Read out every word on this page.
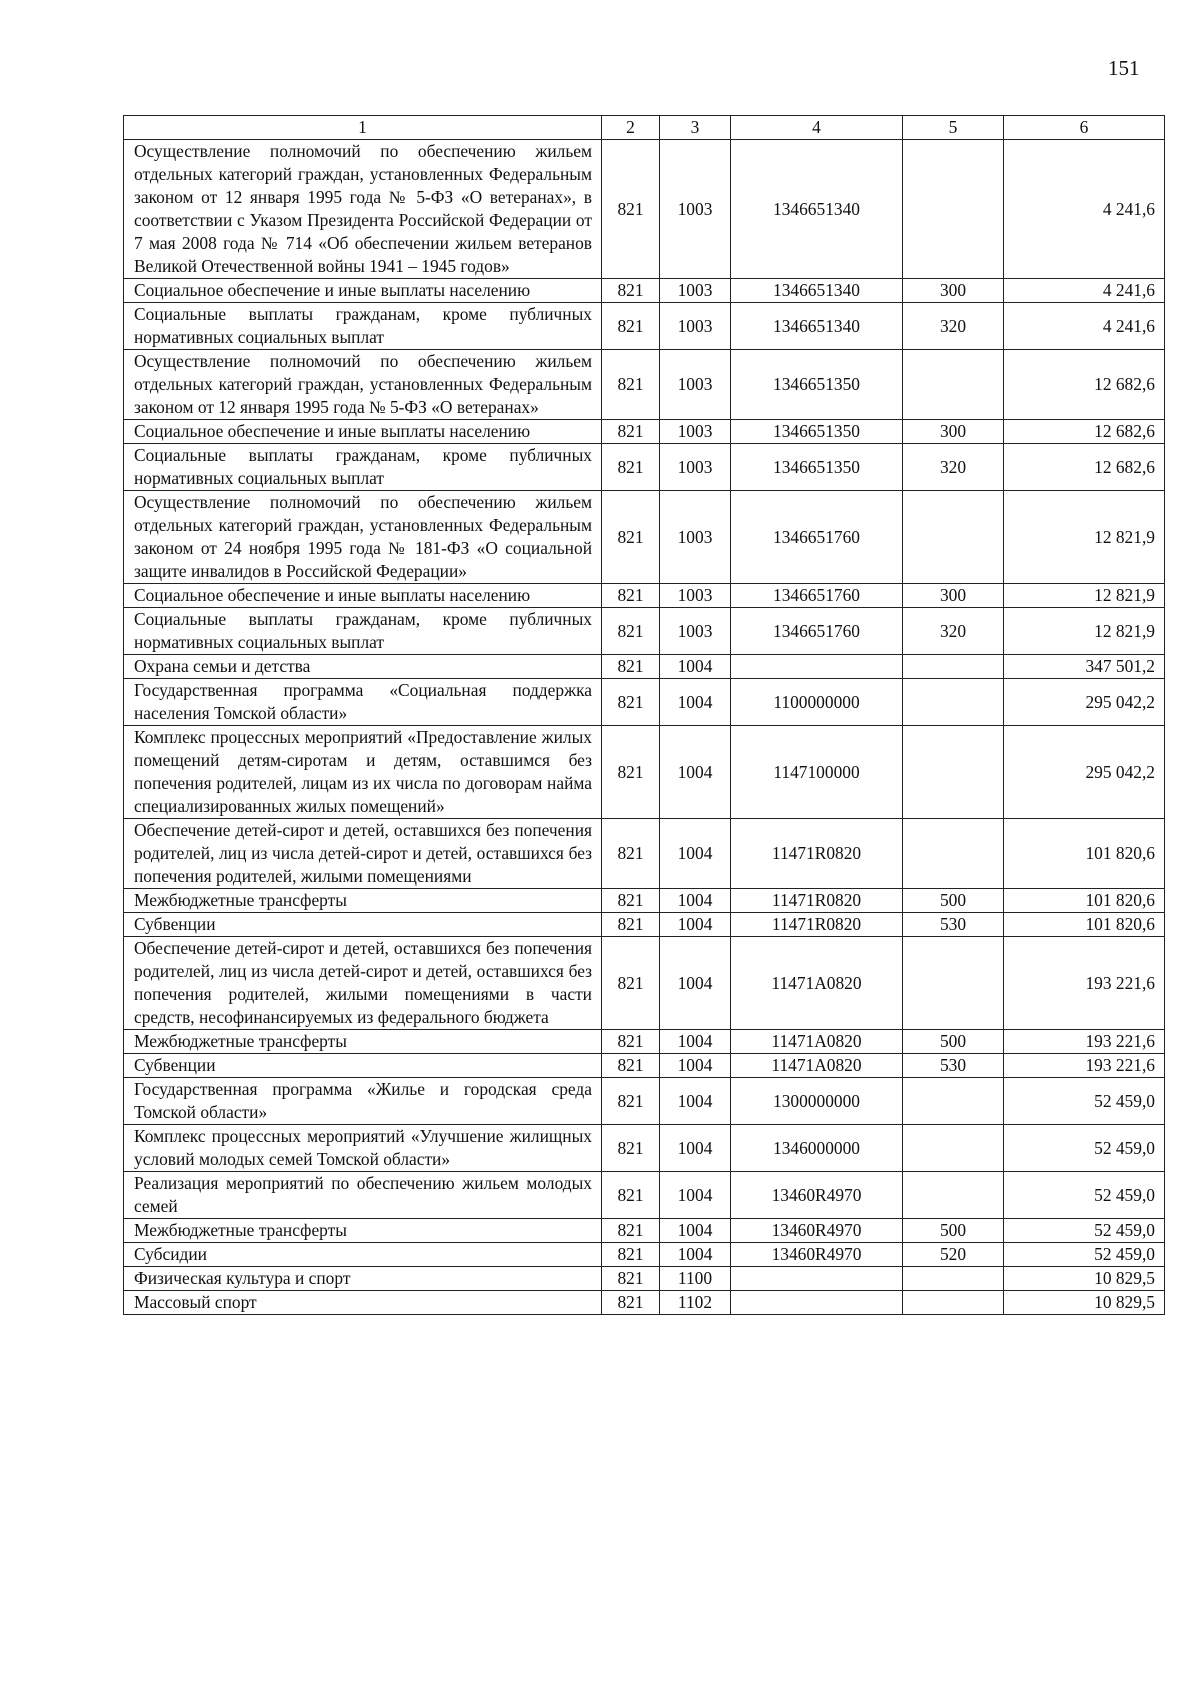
151
1	2	3	4	5	6
Осуществление полномочий по обеспечению жильем отдельных категорий граждан, установленных Федеральным законом от 12 января 1995 года № 5-ФЗ «О ветеранах», в соответствии с Указом Президента Российской Федерации от 7 мая 2008 года № 714 «Об обеспечении жильем ветеранов Великой Отечественной войны 1941 – 1945 годов»	821	1003	1346651340		4 241,6
Социальное обеспечение и иные выплаты населению	821	1003	1346651340	300	4 241,6
Социальные выплаты гражданам, кроме публичных нормативных социальных выплат	821	1003	1346651340	320	4 241,6
Осуществление полномочий по обеспечению жильем отдельных категорий граждан, установленных Федеральным законом от 12 января 1995 года № 5-ФЗ «О ветеранах»	821	1003	1346651350		12 682,6
Социальное обеспечение и иные выплаты населению	821	1003	1346651350	300	12 682,6
Социальные выплаты гражданам, кроме публичных нормативных социальных выплат	821	1003	1346651350	320	12 682,6
Осуществление полномочий по обеспечению жильем отдельных категорий граждан, установленных Федеральным законом от 24 ноября 1995 года № 181-ФЗ «О социальной защите инвалидов в Российской Федерации»	821	1003	1346651760		12 821,9
Социальное обеспечение и иные выплаты населению	821	1003	1346651760	300	12 821,9
Социальные выплаты гражданам, кроме публичных нормативных социальных выплат	821	1003	1346651760	320	12 821,9
Охрана семьи и детства	821	1004			347 501,2
Государственная программа «Социальная поддержка населения Томской области»	821	1004	1100000000		295 042,2
Комплекс процессных мероприятий «Предоставление жилых помещений детям-сиротам и детям, оставшимся без попечения родителей, лицам из их числа по договорам найма специализированных жилых помещений»	821	1004	1147100000		295 042,2
Обеспечение детей-сирот и детей, оставшихся без попечения родителей, лиц из числа детей-сирот и детей, оставшихся без попечения родителей, жилыми помещениями	821	1004	11471R0820		101 820,6
Межбюджетные трансферты	821	1004	11471R0820	500	101 820,6
Субвенции	821	1004	11471R0820	530	101 820,6
Обеспечение детей-сирот и детей, оставшихся без попечения родителей, лиц из числа детей-сирот и детей, оставшихся без попечения родителей, жилыми помещениями в части средств, несофинансируемых из федерального бюджета	821	1004	11471A0820		193 221,6
Межбюджетные трансферты	821	1004	11471A0820	500	193 221,6
Субвенции	821	1004	11471A0820	530	193 221,6
Государственная программа «Жилье и городская среда Томской области»	821	1004	1300000000		52 459,0
Комплекс процессных мероприятий «Улучшение жилищных условий молодых семей Томской области»	821	1004	1346000000		52 459,0
Реализация мероприятий по обеспечению жильем молодых семей	821	1004	13460R4970		52 459,0
Межбюджетные трансферты	821	1004	13460R4970	500	52 459,0
Субсидии	821	1004	13460R4970	520	52 459,0
Физическая культура и спорт	821	1100			10 829,5
Массовый спорт	821	1102			10 829,5
